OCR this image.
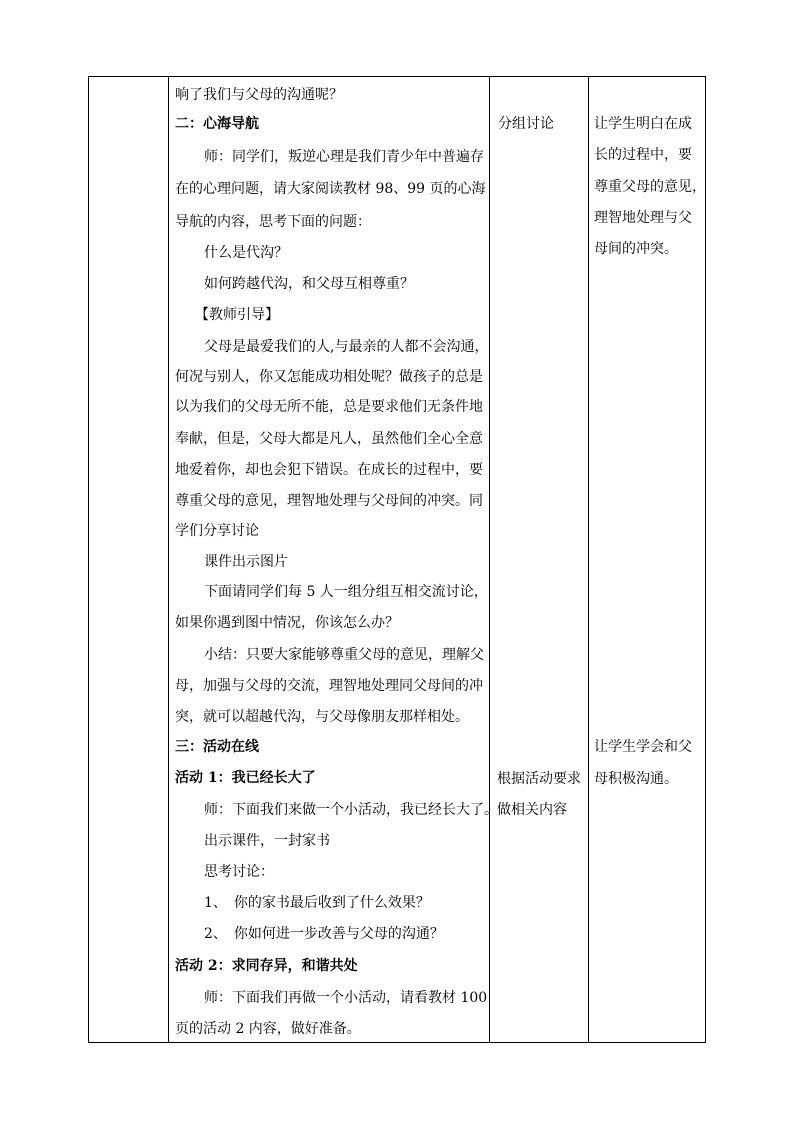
响了我们与父母的沟通呢？
二：心海导航
师：同学们，叛逆心理是我们青少年中普遍存
在的心理问题，请大家阅读教材 98、99 页的心海
导航的内容，思考下面的问题：
什么是代沟？
如何跨越代沟，和父母互相尊重？
【教师引导】
父母是最爱我们的人,与最亲的人都不会沟通，
何况与别人，你又怎能成功相处呢？做孩子的总是
以为我们的父母无所不能，总是要求他们无条件地
奉献，但是，父母大都是凡人，虽然他们全心全意
地爱着你，却也会犯下错误。在成长的过程中，要
尊重父母的意见，理智地处理与父母间的冲突。同
学们分享讨论
课件出示图片
下面请同学们每 5 人一组分组互相交流讨论，
如果你遇到图中情况，你该怎么办？
小结：只要大家能够尊重父母的意见，理解父
母，加强与父母的交流，理智地处理同父母间的冲
突，就可以超越代沟，与父母像朋友那样相处。
三：活动在线
活动 1：我已经长大了
师：下面我们来做一个小活动，我已经长大了。
出示课件，一封家书
思考讨论：
1、　你的家书最后收到了什么效果？
2、　你如何进一步改善与父母的沟通？
活动 2：求同存异，和谐共处
师：下面我们再做一个小活动，请看教材 100
页的活动 2 内容，做好准备。
分组讨论
根据活动要求
做相关内容
让学生明白在成
长的过程中，要
尊重父母的意见，
理智地处理与父
母间的冲突。
让学生学会和父
母积极沟通。
